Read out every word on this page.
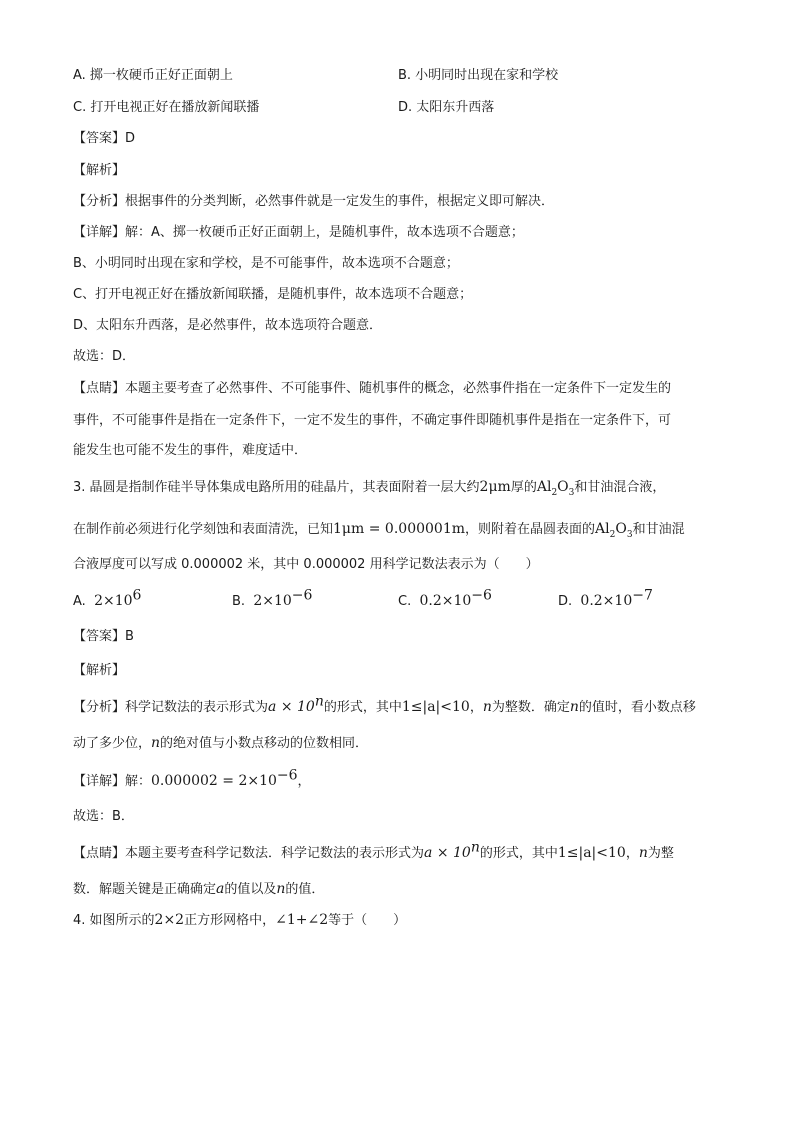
A. 掷一枚硬币正好正面朝上	B. 小明同时出现在家和学校
C. 打开电视正好在播放新闻联播	D. 太阳东升西落
【答案】D
【解析】
【分析】根据事件的分类判断，必然事件就是一定发生的事件，根据定义即可解决．
【详解】解：A、掷一枚硬币正好正面朝上，是随机事件，故本选项不合题意；
B、小明同时出现在家和学校，是不可能事件，故本选项不合题意；
C、打开电视正好在播放新闻联播，是随机事件，故本选项不合题意；
D、太阳东升西落，是必然事件，故本选项符合题意．
故选：D．
【点睛】本题主要考查了必然事件、不可能事件、随机事件的概念，必然事件指在一定条件下一定发生的
事件，不可能事件是指在一定条件下，一定不发生的事件，不确定事件即随机事件是指在一定条件下，可
能发生也可能不发生的事件，难度适中．
3. 晶圆是指制作硅半导体集成电路所用的硅晶片，其表面附着一层大约2μm厚的$Al_2O_3$和甘油混合液，
在制作前必须进行化学刻蚀和表面清洗，已知1μm = 0.000001m，则附着在晶圆表面的$Al_2O_3$和甘油混
合液厚度可以写成 0.000002 米，其中 0.000002 用科学记数法表示为（　　）
A. $2\times 10^6$	B. $2\times 10^{-6}$	C. $0.2\times 10^{-6}$	D. $0.2\times 10^{-7}$
【答案】B
【解析】
【分析】科学记数法的表示形式为$a \times 10^n$的形式，其中1≤|a|<10，n为整数．确定n的值时，看小数点移
动了多少位，n的绝对值与小数点移动的位数相同．
【详解】解：$0.000002 = 2\times 10^{-6}$，
故选：B．
【点睛】本题主要考查科学记数法．科学记数法的表示形式为$a \times 10^n$的形式，其中1≤|a|<10，n为整
数．解题关键是正确确定a的值以及n的值．
4. 如图所示的2×2正方形网格中，∠1+∠2等于（　　）
